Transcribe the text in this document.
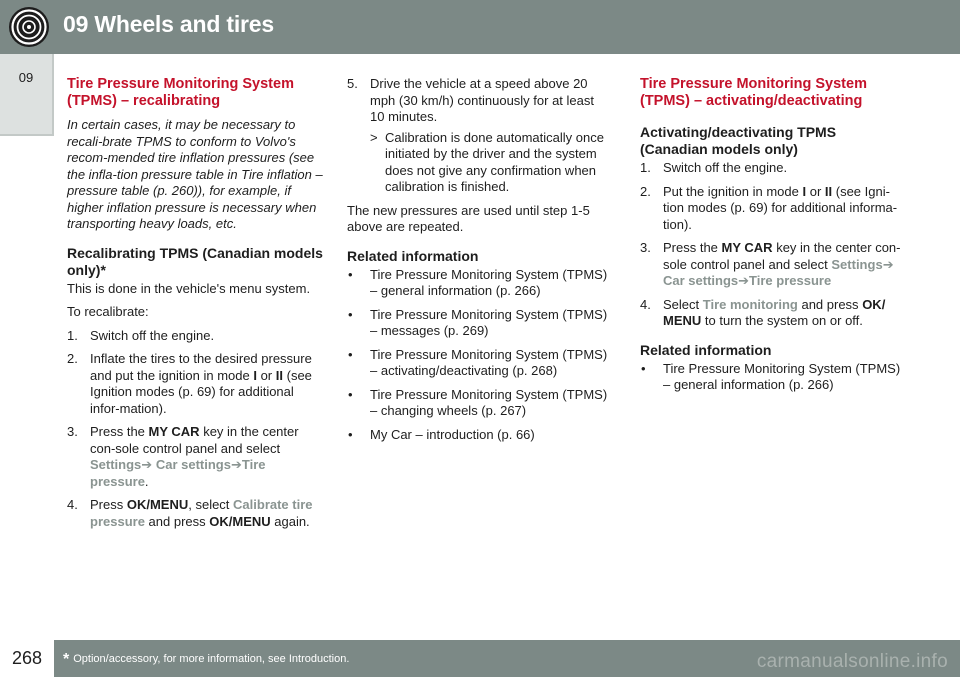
09 Wheels and tires
09	Tire Pressure Monitoring System (TPMS) – recalibrating

In certain cases, it may be necessary to recali-brate TPMS to conform to Volvo's recom-mended tire inflation pressures (see the infla-tion pressure table in Tire inflation – pressure table (p. 260)), for example, if higher inflation pressure is necessary when transporting heavy loads, etc.

Recalibrating TPMS (Canadian models only)*

This is done in the vehicle's menu system.

To recalibrate:

1. Switch off the engine.
2. Inflate the tires to the desired pressure and put the ignition in mode I or II (see Ignition modes (p. 69) for additional infor-mation).
3. Press the MY CAR key in the center con-sole control panel and select Settings➔ Car settings➔Tire pressure.
4. Press OK/MENU, select Calibrate tire pressure and press OK/MENU again.
5. Drive the vehicle at a speed above 20 mph (30 km/h) continuously for at least 10 minutes.
> Calibration is done automatically once initiated by the driver and the system does not give any confirmation when calibration is finished.

The new pressures are used until step 1-5 above are repeated.

Related information
• Tire Pressure Monitoring System (TPMS) – general information (p. 266)
• Tire Pressure Monitoring System (TPMS) – messages (p. 269)
• Tire Pressure Monitoring System (TPMS) – activating/deactivating (p. 268)
• Tire Pressure Monitoring System (TPMS) – changing wheels (p. 267)
• My Car – introduction (p. 66)
Tire Pressure Monitoring System (TPMS) – activating/deactivating
Activating/deactivating TPMS (Canadian models only)
1. Switch off the engine.
2. Put the ignition in mode I or II (see Igni-tion modes (p. 69) for additional informa-tion).
3. Press the MY CAR key in the center con-sole control panel and select Settings➔ Car settings➔Tire pressure
4. Select Tire monitoring and press OK/ MENU to turn the system on or off.
Related information
• Tire Pressure Monitoring System (TPMS) – general information (p. 266)
268	* Option/accessory, for more information, see Introduction.	carmanualsonline.info
